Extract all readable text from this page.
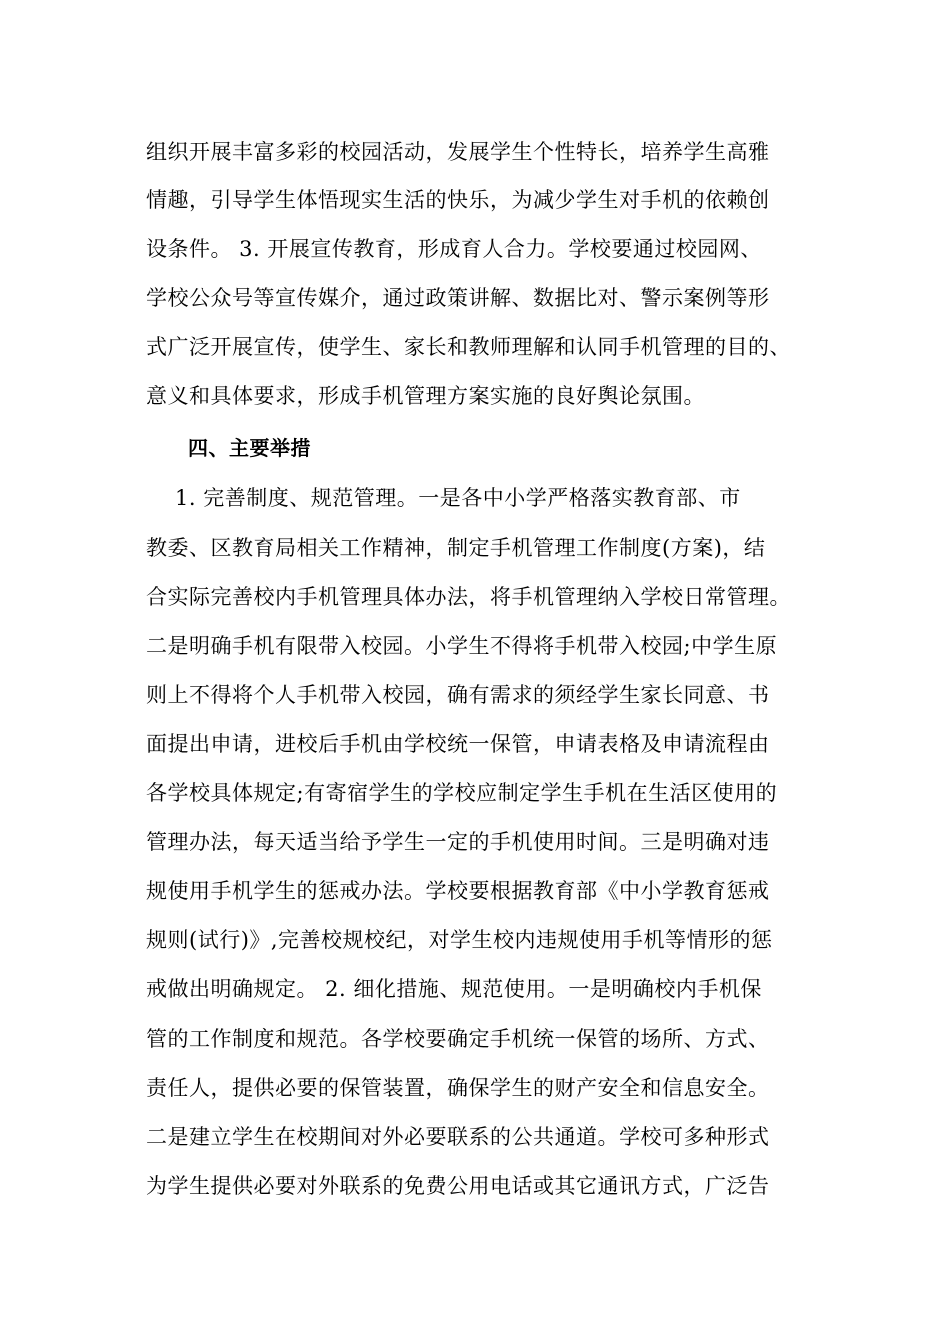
组织开展丰富多彩的校园活动，发展学生个性特长，培养学生高雅
情趣，引导学生体悟现实生活的快乐，为减少学生对手机的依赖创
设条件。 3. 开展宣传教育，形成育人合力。学校要通过校园网、
学校公众号等宣传媒介，通过政策讲解、数据比对、警示案例等形
式广泛开展宣传，使学生、家长和教师理解和认同手机管理的目的、
意义和具体要求，形成手机管理方案实施的良好舆论氛围。
四、主要举措
1. 完善制度、规范管理。一是各中小学严格落实教育部、市
教委、区教育局相关工作精神，制定手机管理工作制度(方案)，结
合实际完善校内手机管理具体办法，将手机管理纳入学校日常管理。
二是明确手机有限带入校园。小学生不得将手机带入校园;中学生原
则上不得将个人手机带入校园，确有需求的须经学生家长同意、书
面提出申请，进校后手机由学校统一保管，申请表格及申请流程由
各学校具体规定;有寄宿学生的学校应制定学生手机在生活区使用的
管理办法，每天适当给予学生一定的手机使用时间。三是明确对违
规使用手机学生的惩戒办法。学校要根据教育部《中小学教育惩戒
规则(试行)》,完善校规校纪，对学生校内违规使用手机等情形的惩
戒做出明确规定。 2. 细化措施、规范使用。一是明确校内手机保
管的工作制度和规范。各学校要确定手机统一保管的场所、方式、
责任人，提供必要的保管装置，确保学生的财产安全和信息安全。
二是建立学生在校期间对外必要联系的公共通道。学校可多种形式
为学生提供必要对外联系的免费公用电话或其它通讯方式，广泛告
